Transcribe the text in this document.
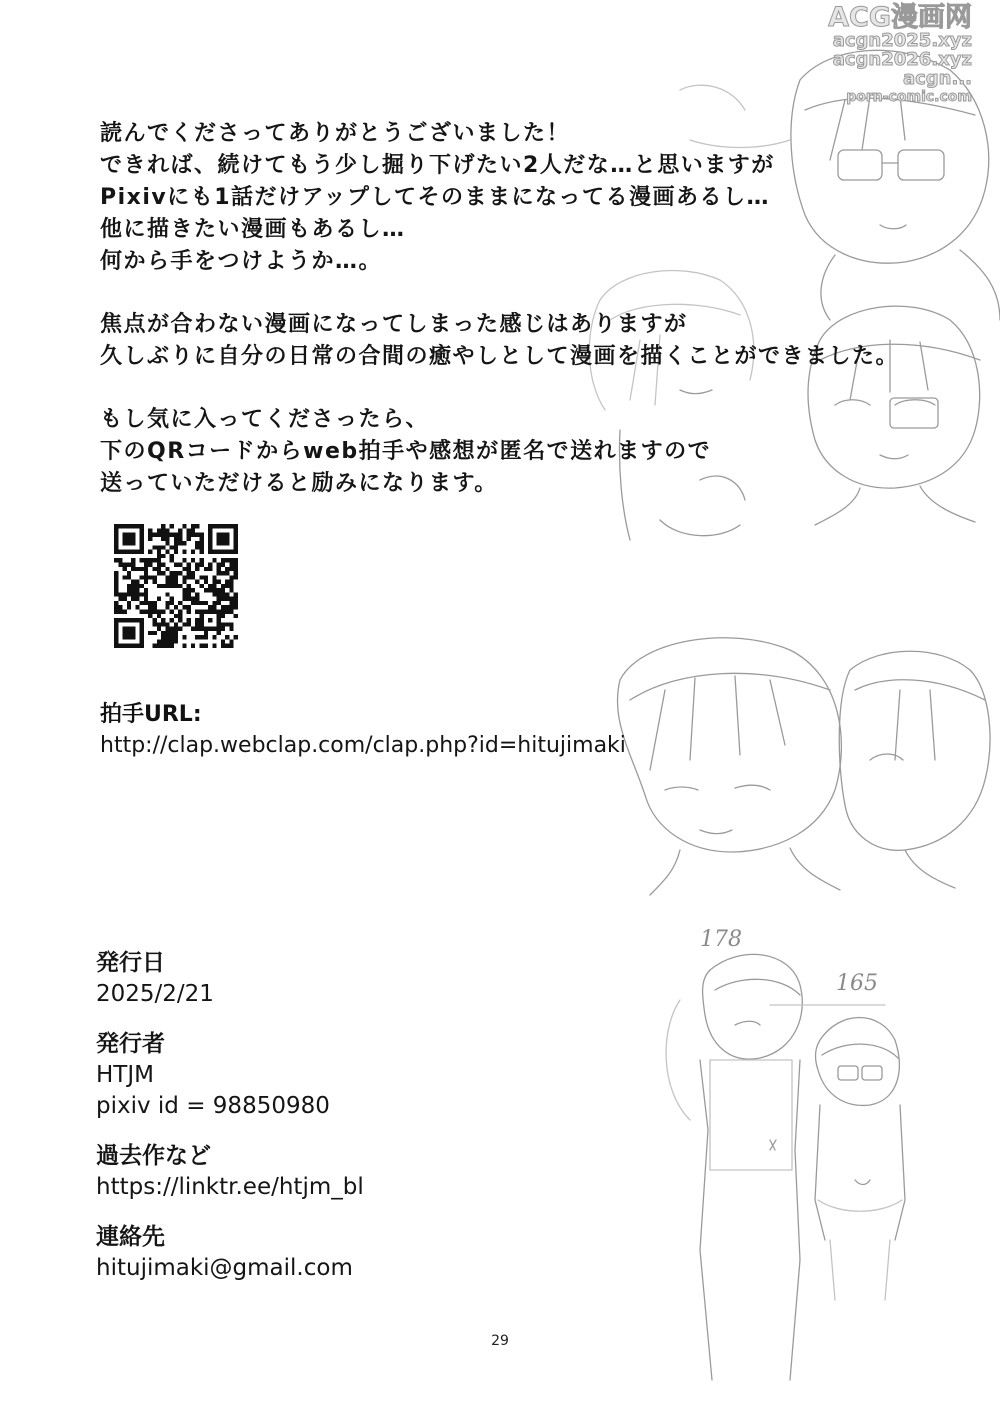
178
165
ACG漫画网
acgn2025.xyz
acgn2026.xyz
acgn...
porn-comic.com

読んでくださってありがとうございました！
できれば、続けてもう少し掘り下げたい2人だな…と思いますが
Pixivにも1話だけアップしてそのままになってる漫画あるし…
他に描きたい漫画もあるし…
何から手をつけようか…。

焦点が合わない漫画になってしまった感じはありますが
久しぶりに自分の日常の合間の癒やしとして漫画を描くことができました。

もし気に入ってくださったら、
下のQRコードからweb拍手や感想が匿名で送れますので
送っていただけると励みになります。

拍手URL:
http://clap.webclap.com/clap.php?id=hitujimaki
発行日
2025/2/21
発行者
HTJM
pixiv id = 98850980
過去作など
https://linktr.ee/htjm_bl
連絡先
hitujimaki@gmail.com
29
